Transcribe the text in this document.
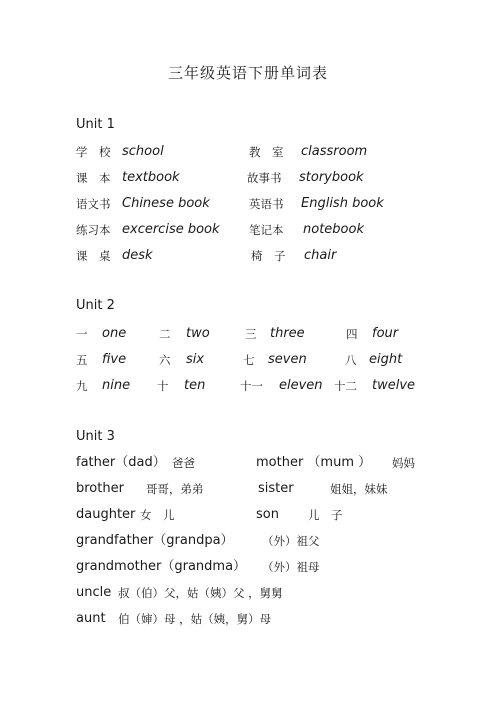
三年级英语下册单词表
Unit 1
学　校 school	教　室 classroom
课　本 textbook	故事书 storybook
语文书 Chinese book	英语书 English book
练习本 excercise book	笔记本 notebook
课　桌 desk	椅　子 chair
Unit 2
一 one	二 two	三 three	四 four
五 five	六 six	七 seven	八 eight
九 nine 十 ten	十一 eleven 十二 twelve
Unit 3
father（dad） 爸爸	mother （mum ） 妈妈
brother 哥哥，弟弟	sister	姐姐，妹妹
daughter 女　儿	son	儿　子
grandfather（grandpa） （外）祖父
grandmother（grandma） （外）祖母
uncle 叔（伯）父，姑（姨）父 ，舅舅
aunt 伯（婶）母 ，姑（姨，舅）母
